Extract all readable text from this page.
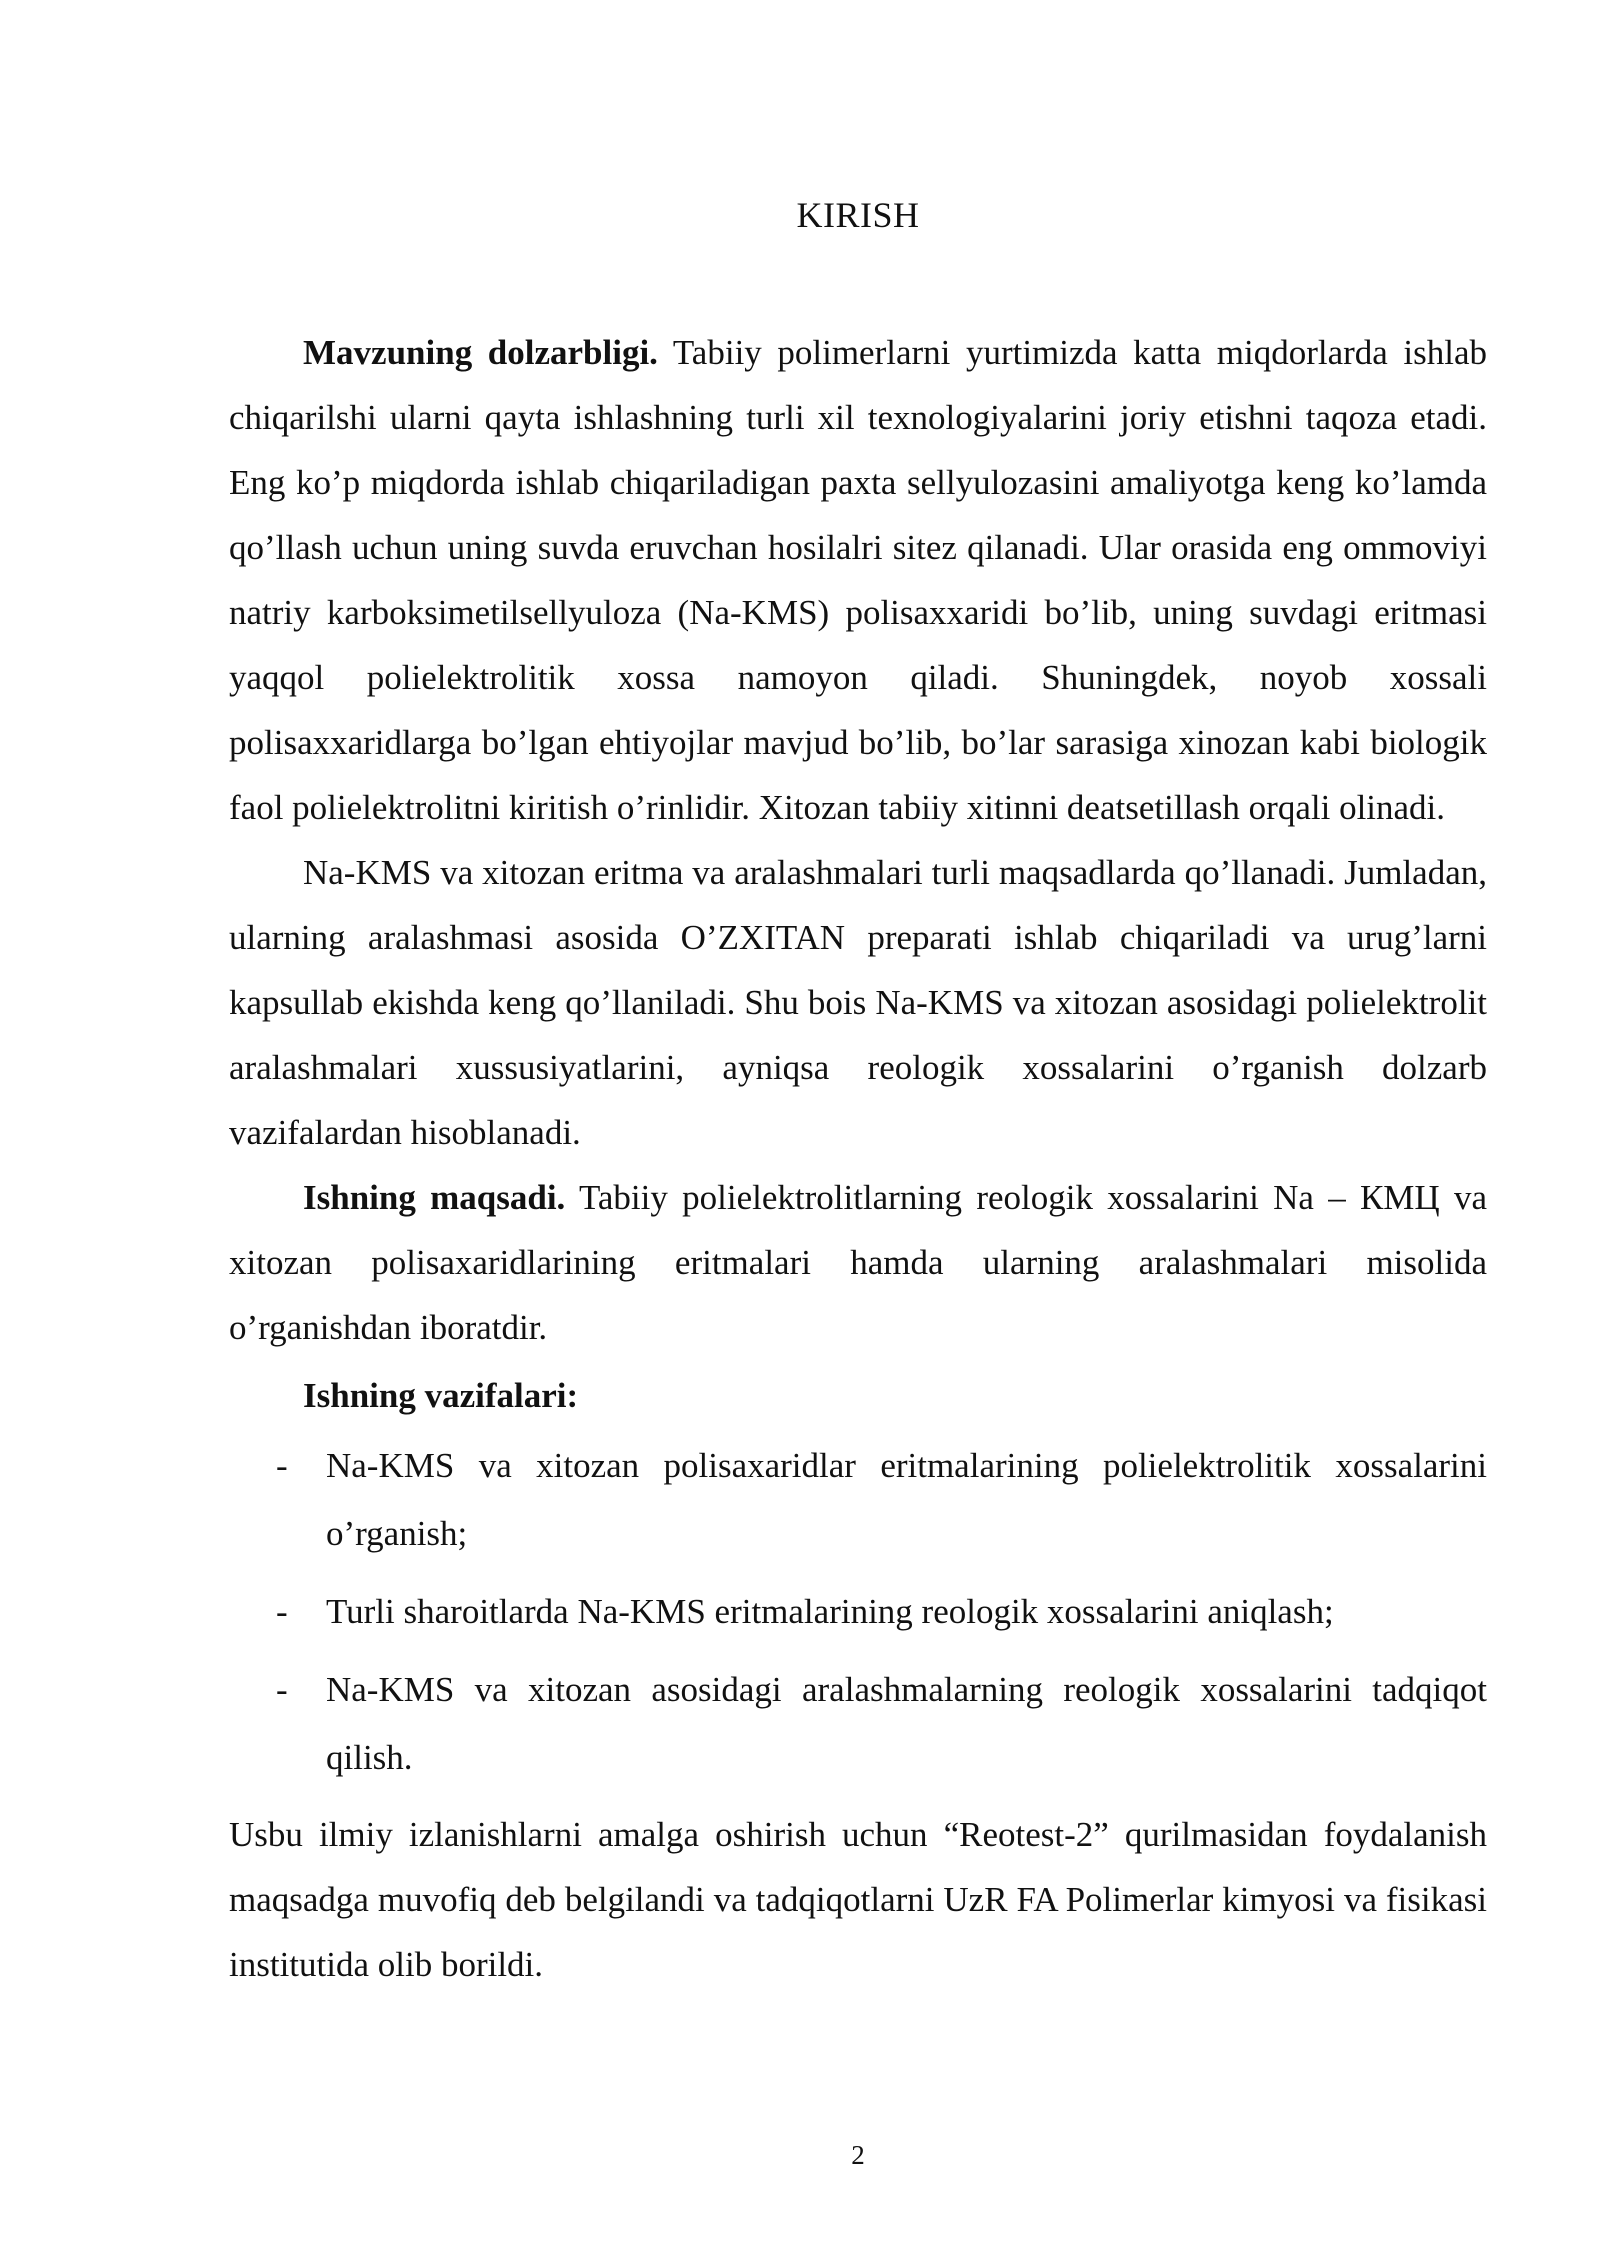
KIRISH

Mavzuning dolzarbligi. Tabiiy polimerlarni yurtimizda katta miqdorlarda ishlab chiqarilshi ularni qayta ishlashning turli xil texnologiyalarini joriy etishni taqoza etadi. Eng ko’p miqdorda ishlab chiqariladigan paxta sellyulozasini amaliyotga keng ko’lamda qo’llash uchun uning suvda eruvchan hosilalri sitez qilanadi. Ular orasida eng ommoviyi natriy karboksimetilsellyuloza (Na-KMS) polisaxxaridi bo’lib, uning suvdagi eritmasi yaqqol polielektrolitik xossa namoyon qiladi. Shuningdek, noyob xossali polisaxxaridlarga bo’lgan ehtiyojlar mavjud bo’lib, bo’lar sarasiga xinozan kabi biologik faol polielektrolitni kiritish o’rinlidir. Xitozan tabiiy xitinni deatsetillash orqali olinadi.

Na-KMS va xitozan eritma va aralashmalari turli maqsadlarda qo’llanadi. Jumladan, ularning aralashmasi asosida O’ZXITAN preparati ishlab chiqariladi va urug’larni kapsullab ekishda keng qo’llaniladi. Shu bois Na-KMS va xitozan asosidagi polielektrolit aralashmalari xussusiyatlarini, ayniqsa reologik xossalarini o’rganish dolzarb vazifalardan hisoblanadi.

Ishning maqsadi. Tabiiy polielektrolitlarning reologik xossalarini Na – КМЦ va xitozan polisaxaridlarining eritmalari hamda ularning aralashmalari misolida o’rganishdan iboratdir.

Ishning vazifalari:

- Na-KMS va xitozan polisaxaridlar eritmalarining polielektrolitik xossalarini o’rganish;
- Turli sharoitlarda Na-KMS eritmalarining reologik xossalarini aniqlash;
- Na-KMS va xitozan asosidagi aralashmalarning reologik xossalarini tadqiqot qilish.

Usbu ilmiy izlanishlarni amalga oshirish uchun “Reotest-2” qurilmasidan foydalanish maqsadga muvofiq deb belgilandi va tadqiqotlarni UzR FA Polimerlar kimyosi va fisikasi institutida olib borildi.

2
